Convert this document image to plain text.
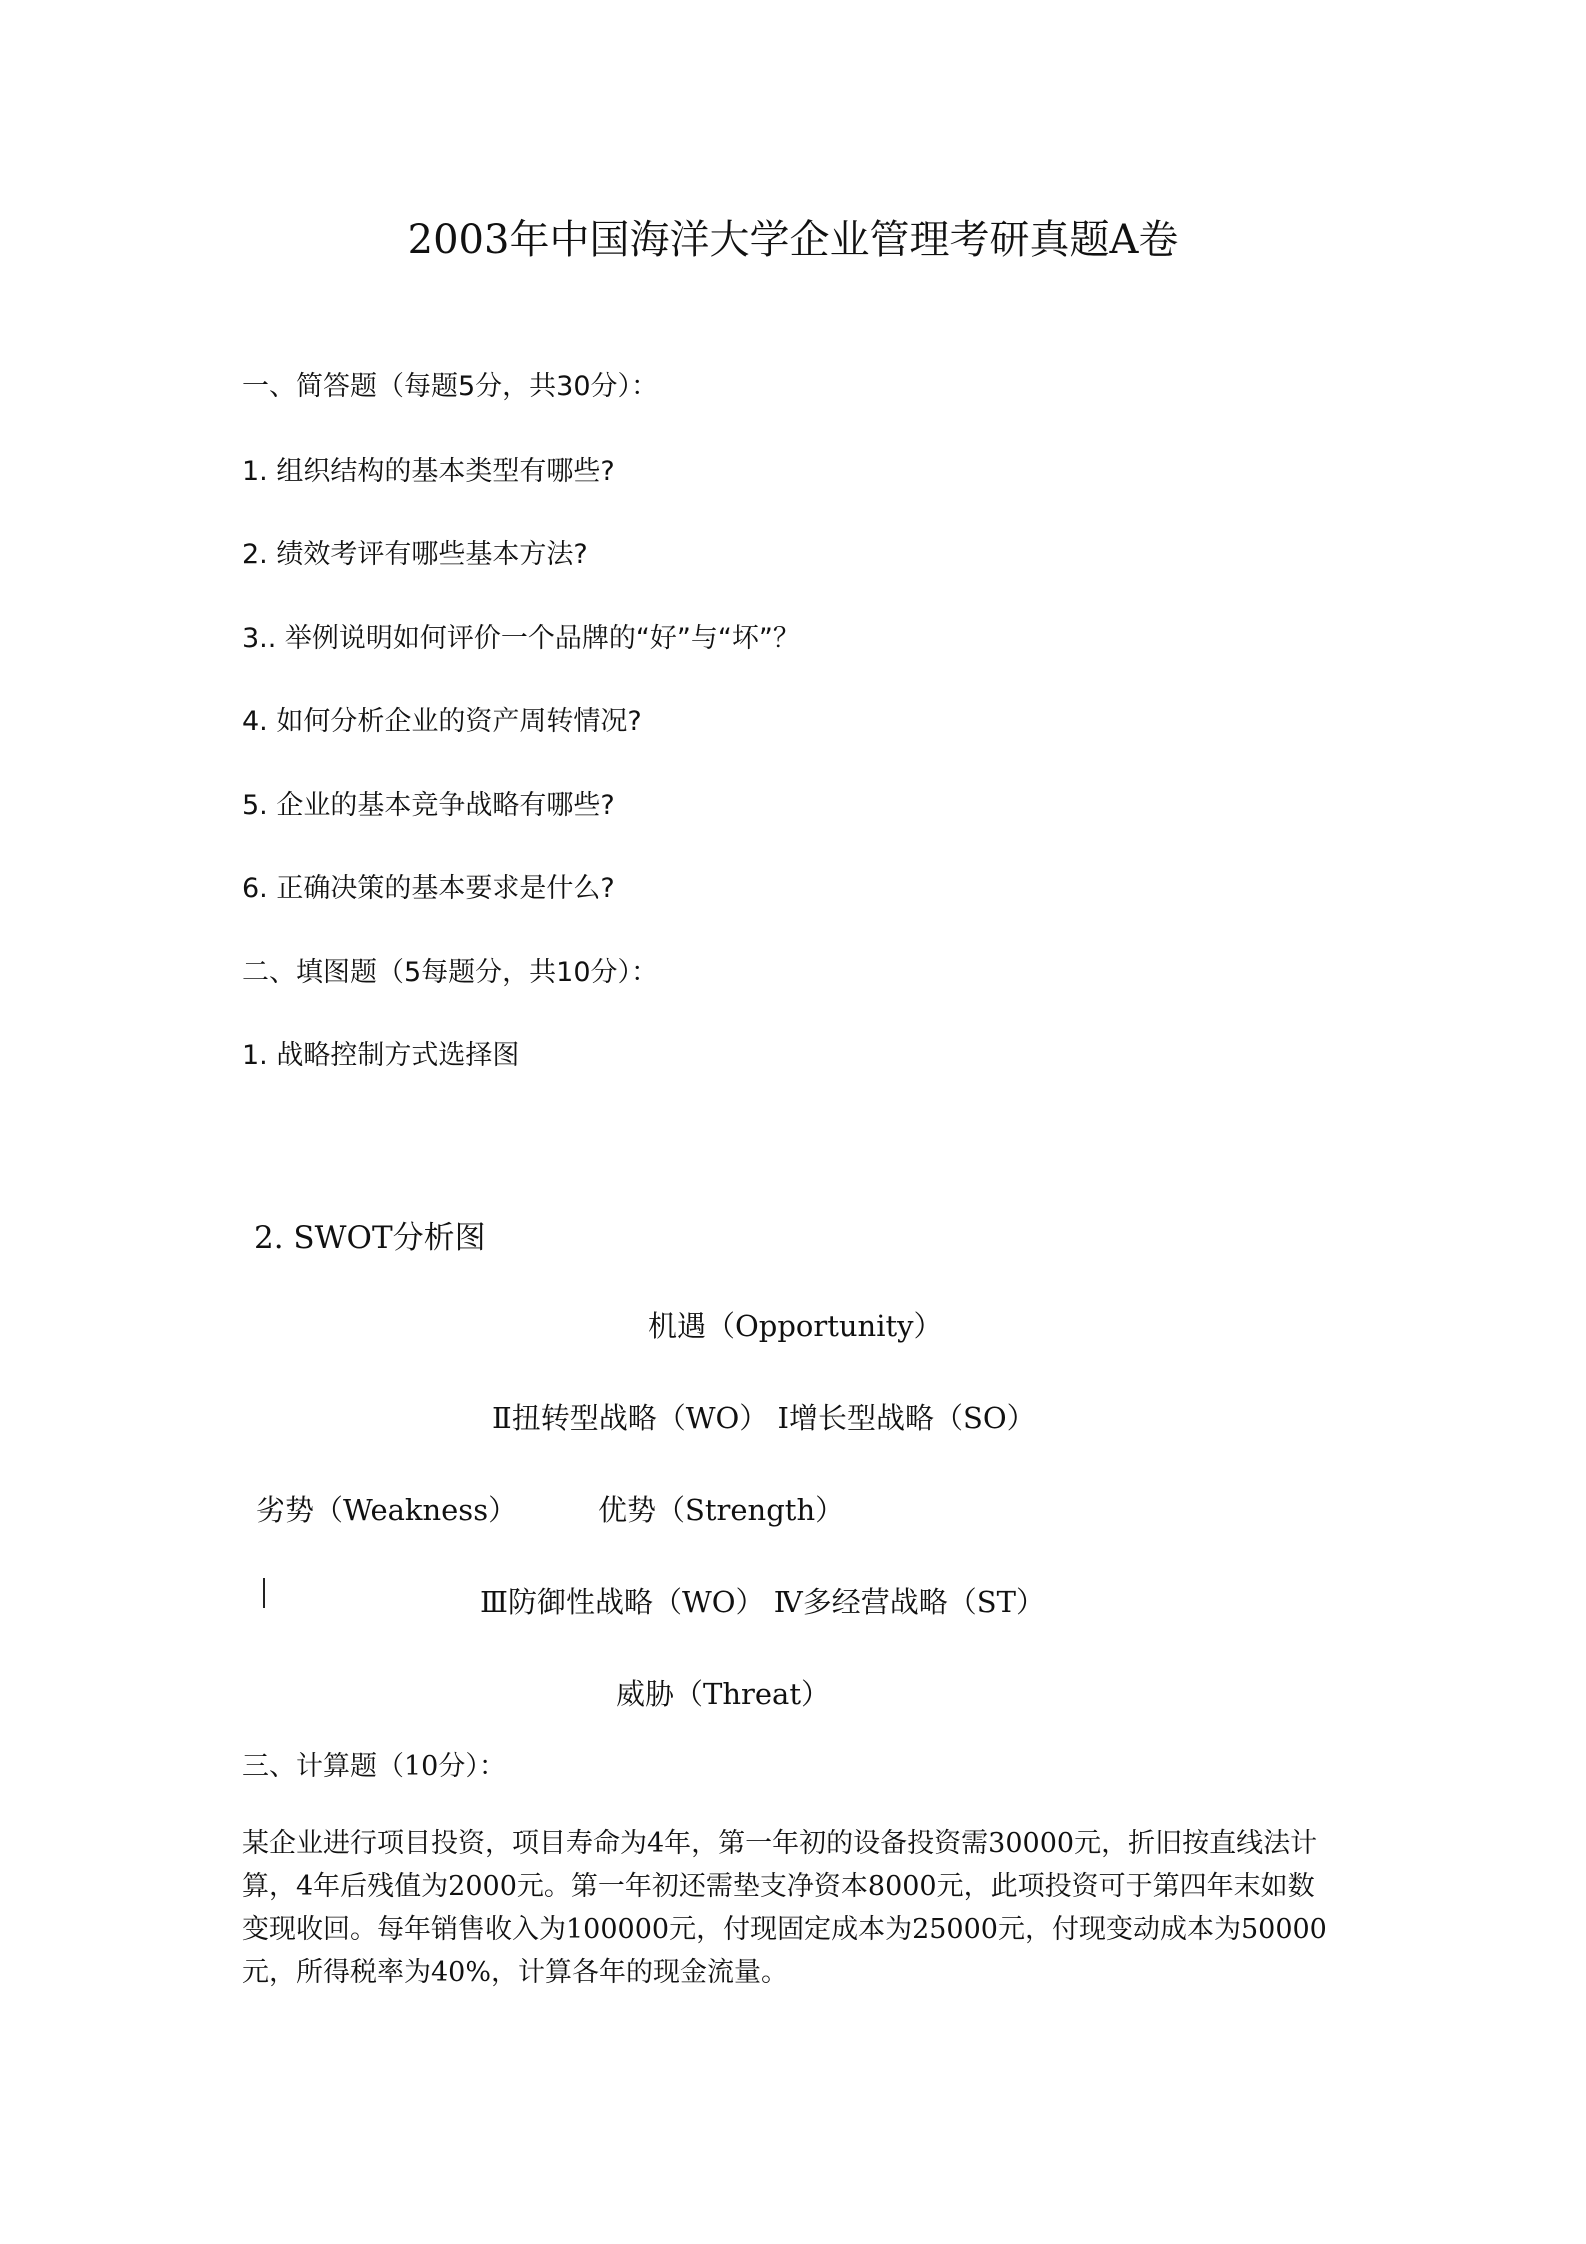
2003年中国海洋大学企业管理考研真题A卷
一、简答题（每题5分，共30分）：
1. 组织结构的基本类型有哪些?
2. 绩效考评有哪些基本方法?
3.. 举例说明如何评价一个品牌的“好”与“坏”？
4. 如何分析企业的资产周转情况?
5. 企业的基本竞争战略有哪些?
6. 正确决策的基本要求是什么?
二、填图题（5每题分，共10分）：
1. 战略控制方式选择图
2. SWOT分析图
机遇（Opportunity）
Ⅱ扭转型战略（WO） Ⅰ增长型战略（SO）
劣势（Weakness）	优势（Strength）
Ⅲ防御性战略（WO） Ⅳ多经营战略（ST）
威胁（Threat）
三、计算题（10分）：
某企业进行项目投资，项目寿命为4年，第一年初的设备投资需30000元，折旧按直线法计
算，4年后残值为2000元。第一年初还需垫支净资本8000元，此项投资可于第四年末如数
变现收回。每年销售收入为100000元，付现固定成本为25000元，付现变动成本为50000
元，所得税率为40%，计算各年的现金流量。
